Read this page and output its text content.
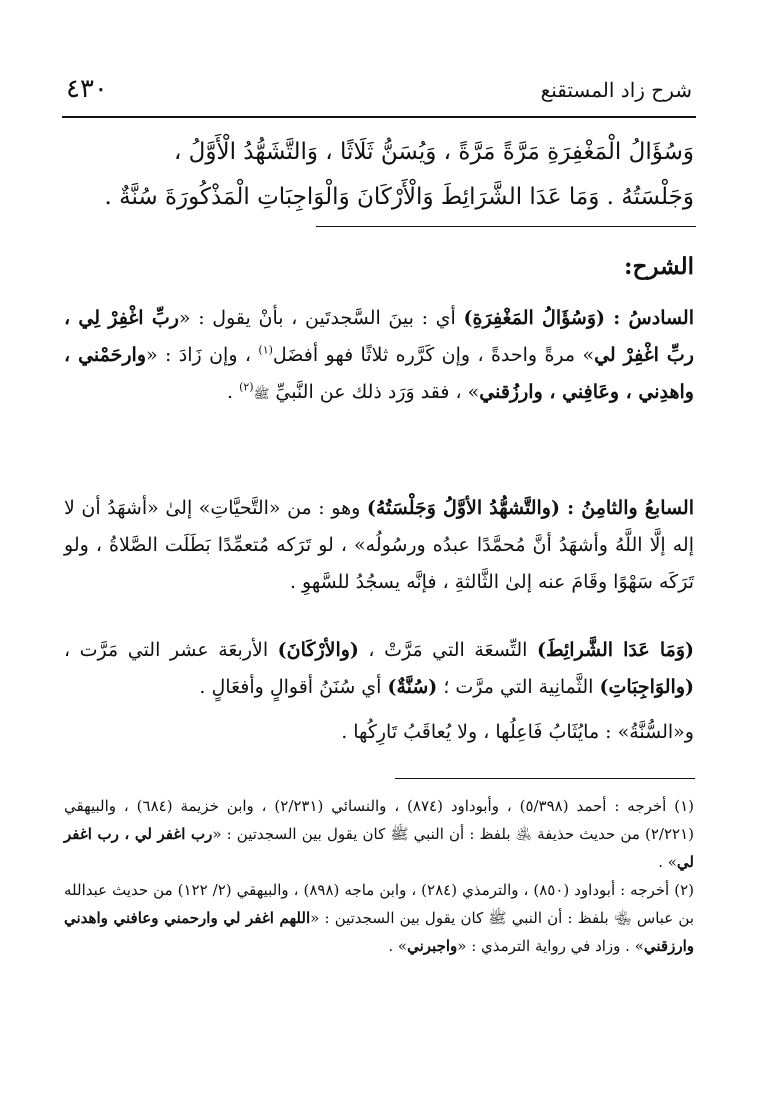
شرح زاد المستقنع
٤٣٠
وَسُؤَالُ الْمَغْفِرَةِ مَرَّةً مَرَّةً ، وَيُسَنُّ ثَلَاثًا ، وَالتَّشَهُّدُ الْأَوَّلُ ،
وَجَلْسَتُهُ . وَمَا عَدَا الشَّرَائِطَ وَالْأَرْكَانَ وَالْوَاجِبَاتِ الْمَذْكُورَةَ سُنَّةٌ .
الشرح:
السادسُ : (وَسُؤَالُ المَغْفِرَةِ) أي : بينَ السَّجدتَين ، بأنْ يقول : «ربِّ اغْفِرْ لِي ، ربِّ اغْفِرْ لي» مرةً واحدةً ، وإن كَرَّره ثلاثًا فهو أفضَل$^{(١)}$ ، وإن زَادَ : «وارحَمْني ، واهدِني ، وعَافِني ، وارزُقني» ، فقد وَرَد ذلك عن النَّبيِّ ﷺ$^{(٢)}$ .
السابعُ والثامِنُ : (والتَّشهُّدُ الأوَّلُ وَجَلْسَتُهُ) وهو : من «التَّحيَّاتِ» إلىٰ «أشهَدُ أن لا إله إلَّا اللَّهُ وأشهَدُ أنَّ مُحمَّدًا عبدُه ورسُولُه» ، لو تَرَكه مُتعمِّدًا بَطَلَت الصَّلاةُ ، ولو تَرَكَه سَهْوًا وقَامَ عنه إلىٰ الثَّالثةِ ، فإنَّه يسجُدُ للسَّهوِ .
(وَمَا عَدَا الشَّرائِطَ) التِّسعَة التي مَرَّتْ ، (والأرْكَانَ) الأربعَة عشر التي مَرَّت ، (والوَاجِبَاتِ) الثَّمانِية التي مرَّت ؛ (سُنَّةٌ) أي سُنَنُ أقوالٍ وأفعَالٍ .
و«السُّنَّةُ» : مايُثَابُ فَاعِلُها ، ولا يُعاقَبُ تَارِكُها .
(١) أخرجه : أحمد (٥/٣٩٨) ، وأبوداود (٨٧٤) ، والنسائي (٢/٢٣١) ، وابن خزيمة (٦٨٤) ، والبيهقي (٢/٢٢١) من حديث حذيفة ﵁ بلفظ : أن النبي ﷺ كان يقول بين السجدتين : «رب اغفر لي ، رب اغفر لي» .
(٢) أخرجه : أبوداود (٨٥٠) ، والترمذي (٢٨٤) ، وابن ماجه (٨٩٨) ، والبيهقي (٢/ ١٢٢) من حديث عبدالله بن عباس ﵄ بلفظ : أن النبي ﷺ كان يقول بين السجدتين : «اللهم اغفر لي وارحمني وعافني واهدني وارزقني» . وزاد في رواية الترمذي : «واجبرني» .
